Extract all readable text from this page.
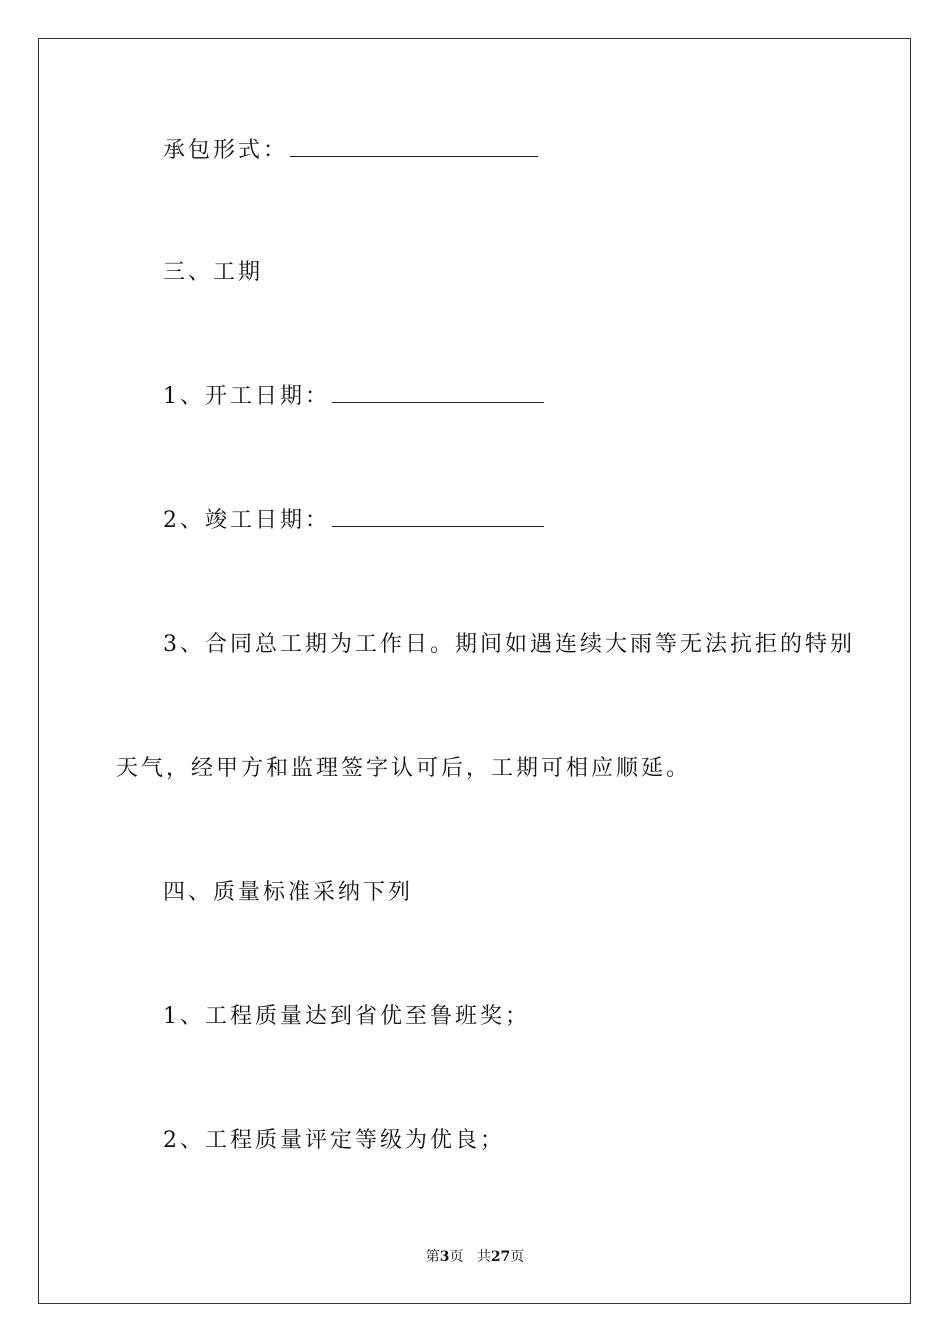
承包形式：
三、工期
1、开工日期：
2、竣工日期：
3、合同总工期为工作日。期间如遇连续大雨等无法抗拒的特别
天气，经甲方和监理签字认可后，工期可相应顺延。
四、质量标准采纳下列
1、工程质量达到省优至鲁班奖；
2、工程质量评定等级为优良；
第3页 共27页
